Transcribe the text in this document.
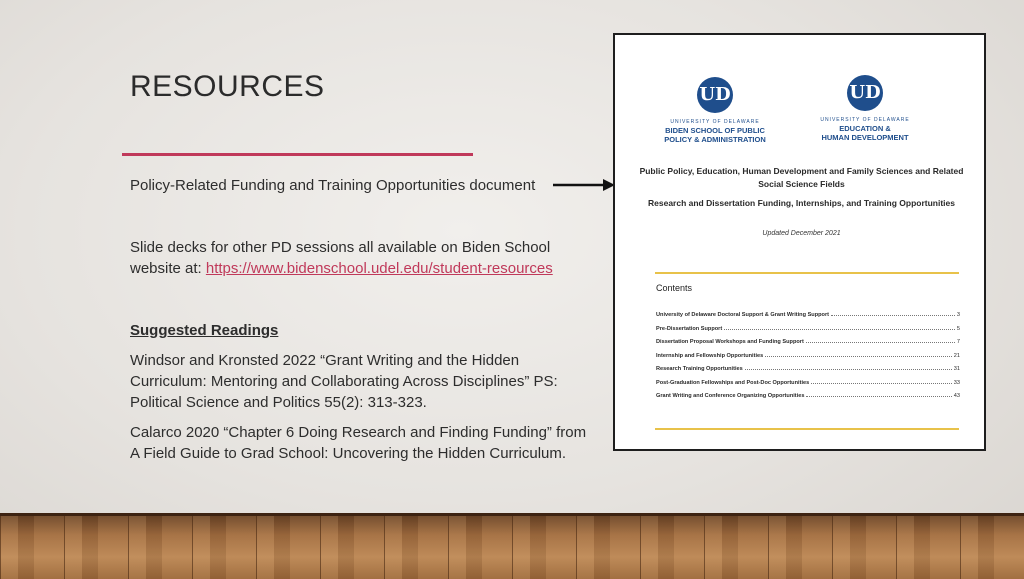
RESOURCES
Policy-Related Funding and Training Opportunities document
Slide decks for other PD sessions all available on Biden School website at: https://www.bidenschool.udel.edu/student-resources
Suggested Readings
Windsor and Kronsted 2022 “Grant Writing and the Hidden Curriculum: Mentoring and Collaborating Across Disciplines” PS: Political Science and Politics 55(2): 313-323.
Calarco 2020 “Chapter 6 Doing Research and Finding Funding” from A Field Guide to Grad School: Uncovering the Hidden Curriculum.
UD
UNIVERSITY OF DELAWARE
BIDEN SCHOOL OF PUBLIC
POLICY & ADMINISTRATION
UD
UNIVERSITY OF DELAWARE
EDUCATION &
HUMAN DEVELOPMENT
Public Policy, Education, Human Development and Family Sciences and Related Social Science Fields
Research and Dissertation Funding, Internships, and Training Opportunities
Updated December 2021
Contents
University of Delaware Doctoral Support & Grant Writing Support	3
Pre-Dissertation Support	5
Dissertation Proposal Workshops and Funding Support	7
Internship and Fellowship Opportunities	21
Research Training Opportunities	31
Post-Graduation Fellowships and Post-Doc Opportunities	33
Grant Writing and Conference Organizing Opportunities	43
